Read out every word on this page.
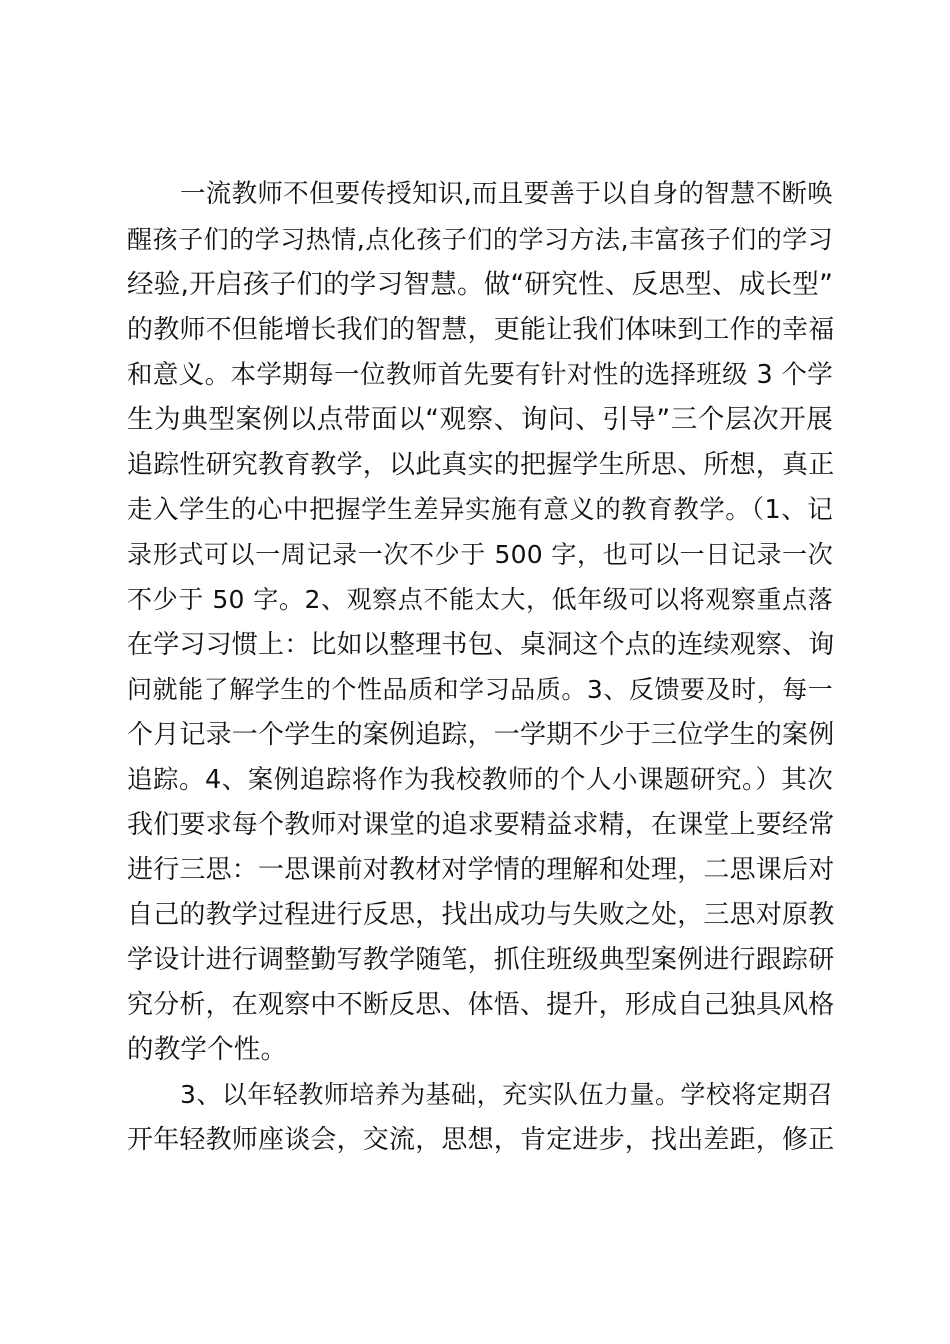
一流教师不但要传授知识,而且要善于以自身的智慧不断唤
醒孩子们的学习热情,点化孩子们的学习方法,丰富孩子们的学习
经验,开启孩子们的学习智慧。做“研究性、反思型、成长型”
的教师不但能增长我们的智慧，更能让我们体味到工作的幸福
和意义。本学期每一位教师首先要有针对性的选择班级 3 个学
生为典型案例以点带面以“观察、询问、引导”三个层次开展
追踪性研究教育教学，以此真实的把握学生所思、所想，真正
走入学生的心中把握学生差异实施有意义的教育教学。（1、记
录形式可以一周记录一次不少于 500 字，也可以一日记录一次
不少于 50 字。2、观察点不能太大，低年级可以将观察重点落
在学习习惯上：比如以整理书包、桌洞这个点的连续观察、询
问就能了解学生的个性品质和学习品质。3、反馈要及时，每一
个月记录一个学生的案例追踪，一学期不少于三位学生的案例
追踪。4、案例追踪将作为我校教师的个人小课题研究。）其次
我们要求每个教师对课堂的追求要精益求精，在课堂上要经常
进行三思：一思课前对教材对学情的理解和处理，二思课后对
自己的教学过程进行反思，找出成功与失败之处，三思对原教
学设计进行调整勤写教学随笔，抓住班级典型案例进行跟踪研
究分析，在观察中不断反思、体悟、提升，形成自己独具风格
的教学个性。
3、以年轻教师培养为基础，充实队伍力量。学校将定期召
开年轻教师座谈会，交流，思想，肯定进步，找出差距，修正
